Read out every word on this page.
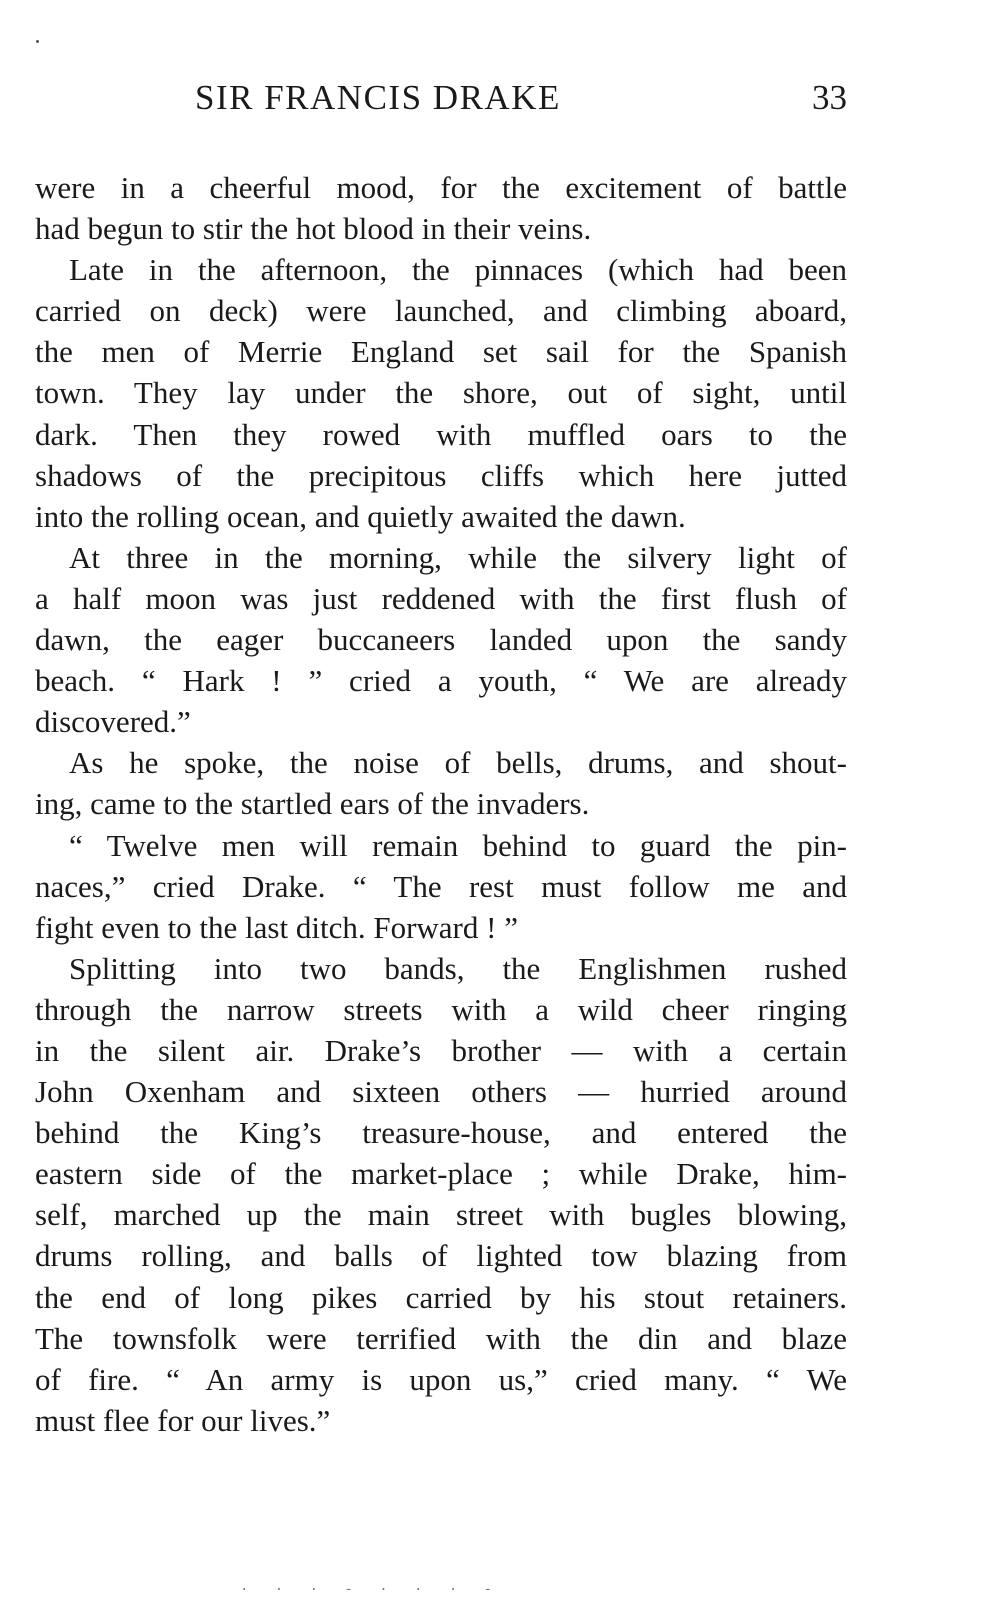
SIR FRANCIS DRAKE	33
were in a cheerful mood, for the excitement of battle
had begun to stir the hot blood in their veins.
Late in the afternoon, the pinnaces (which had been
carried on deck) were launched, and climbing aboard,
the men of Merrie England set sail for the Spanish
town. They lay under the shore, out of sight, until
dark. Then they rowed with muffled oars to the
shadows of the precipitous cliffs which here jutted
into the rolling ocean, and quietly awaited the dawn.
At three in the morning, while the silvery light of
a half moon was just reddened with the first flush of
dawn, the eager buccaneers landed upon the sandy
beach. “ Hark ! ” cried a youth, “ We are already
discovered.”
As he spoke, the noise of bells, drums, and shout-
ing, came to the startled ears of the invaders.
“ Twelve men will remain behind to guard the pin-
naces,” cried Drake. “ The rest must follow me and
fight even to the last ditch. Forward ! ”
Splitting into two bands, the Englishmen rushed
through the narrow streets with a wild cheer ringing
in the silent air. Drake’s brother — with a certain
John Oxenham and sixteen others — hurried around
behind the King’s treasure-house, and entered the
eastern side of the market-place ; while Drake, him-
self, marched up the main street with bugles blowing,
drums rolling, and balls of lighted tow blazing from
the end of long pikes carried by his stout retainers.
The townsfolk were terrified with the din and blaze
of fire. “ An army is upon us,” cried many. “ We
must flee for our lives.”
· · · - · · · -
